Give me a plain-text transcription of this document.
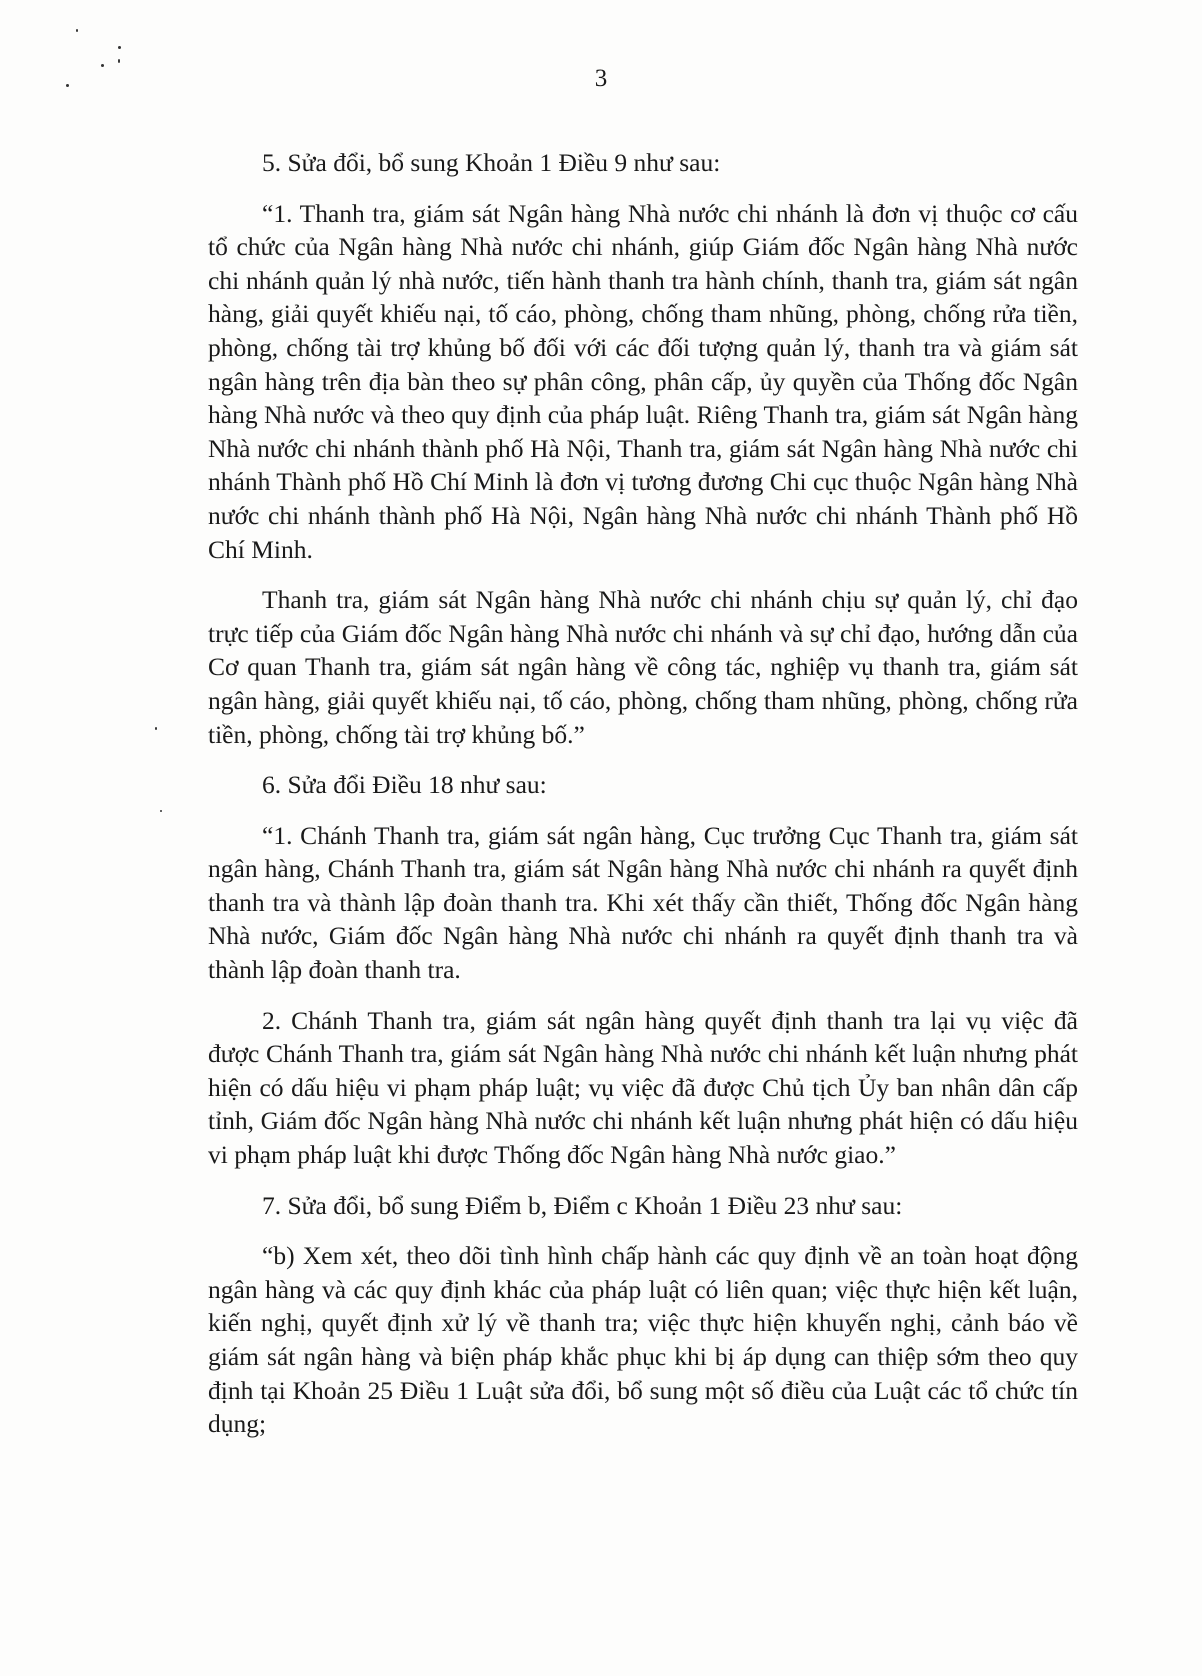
3

5. Sửa đổi, bổ sung Khoản 1 Điều 9 như sau:

“1. Thanh tra, giám sát Ngân hàng Nhà nước chi nhánh là đơn vị thuộc cơ cấu tổ chức của Ngân hàng Nhà nước chi nhánh, giúp Giám đốc Ngân hàng Nhà nước chi nhánh quản lý nhà nước, tiến hành thanh tra hành chính, thanh tra, giám sát ngân hàng, giải quyết khiếu nại, tố cáo, phòng, chống tham nhũng, phòng, chống rửa tiền, phòng, chống tài trợ khủng bố đối với các đối tượng quản lý, thanh tra và giám sát ngân hàng trên địa bàn theo sự phân công, phân cấp, ủy quyền của Thống đốc Ngân hàng Nhà nước và theo quy định của pháp luật. Riêng Thanh tra, giám sát Ngân hàng Nhà nước chi nhánh thành phố Hà Nội, Thanh tra, giám sát Ngân hàng Nhà nước chi nhánh Thành phố Hồ Chí Minh là đơn vị tương đương Chi cục thuộc Ngân hàng Nhà nước chi nhánh thành phố Hà Nội, Ngân hàng Nhà nước chi nhánh Thành phố Hồ Chí Minh.

Thanh tra, giám sát Ngân hàng Nhà nước chi nhánh chịu sự quản lý, chỉ đạo trực tiếp của Giám đốc Ngân hàng Nhà nước chi nhánh và sự chỉ đạo, hướng dẫn của Cơ quan Thanh tra, giám sát ngân hàng về công tác, nghiệp vụ thanh tra, giám sát ngân hàng, giải quyết khiếu nại, tố cáo, phòng, chống tham nhũng, phòng, chống rửa tiền, phòng, chống tài trợ khủng bố.”

6. Sửa đổi Điều 18 như sau:

“1. Chánh Thanh tra, giám sát ngân hàng, Cục trưởng Cục Thanh tra, giám sát ngân hàng, Chánh Thanh tra, giám sát Ngân hàng Nhà nước chi nhánh ra quyết định thanh tra và thành lập đoàn thanh tra. Khi xét thấy cần thiết, Thống đốc Ngân hàng Nhà nước, Giám đốc Ngân hàng Nhà nước chi nhánh ra quyết định thanh tra và thành lập đoàn thanh tra.

2. Chánh Thanh tra, giám sát ngân hàng quyết định thanh tra lại vụ việc đã được Chánh Thanh tra, giám sát Ngân hàng Nhà nước chi nhánh kết luận nhưng phát hiện có dấu hiệu vi phạm pháp luật; vụ việc đã được Chủ tịch Ủy ban nhân dân cấp tỉnh, Giám đốc Ngân hàng Nhà nước chi nhánh kết luận nhưng phát hiện có dấu hiệu vi phạm pháp luật khi được Thống đốc Ngân hàng Nhà nước giao.”

7. Sửa đổi, bổ sung Điểm b, Điểm c Khoản 1 Điều 23 như sau:

“b) Xem xét, theo dõi tình hình chấp hành các quy định về an toàn hoạt động ngân hàng và các quy định khác của pháp luật có liên quan; việc thực hiện kết luận, kiến nghị, quyết định xử lý về thanh tra; việc thực hiện khuyến nghị, cảnh báo về giám sát ngân hàng và biện pháp khắc phục khi bị áp dụng can thiệp sớm theo quy định tại Khoản 25 Điều 1 Luật sửa đổi, bổ sung một số điều của Luật các tổ chức tín dụng;
